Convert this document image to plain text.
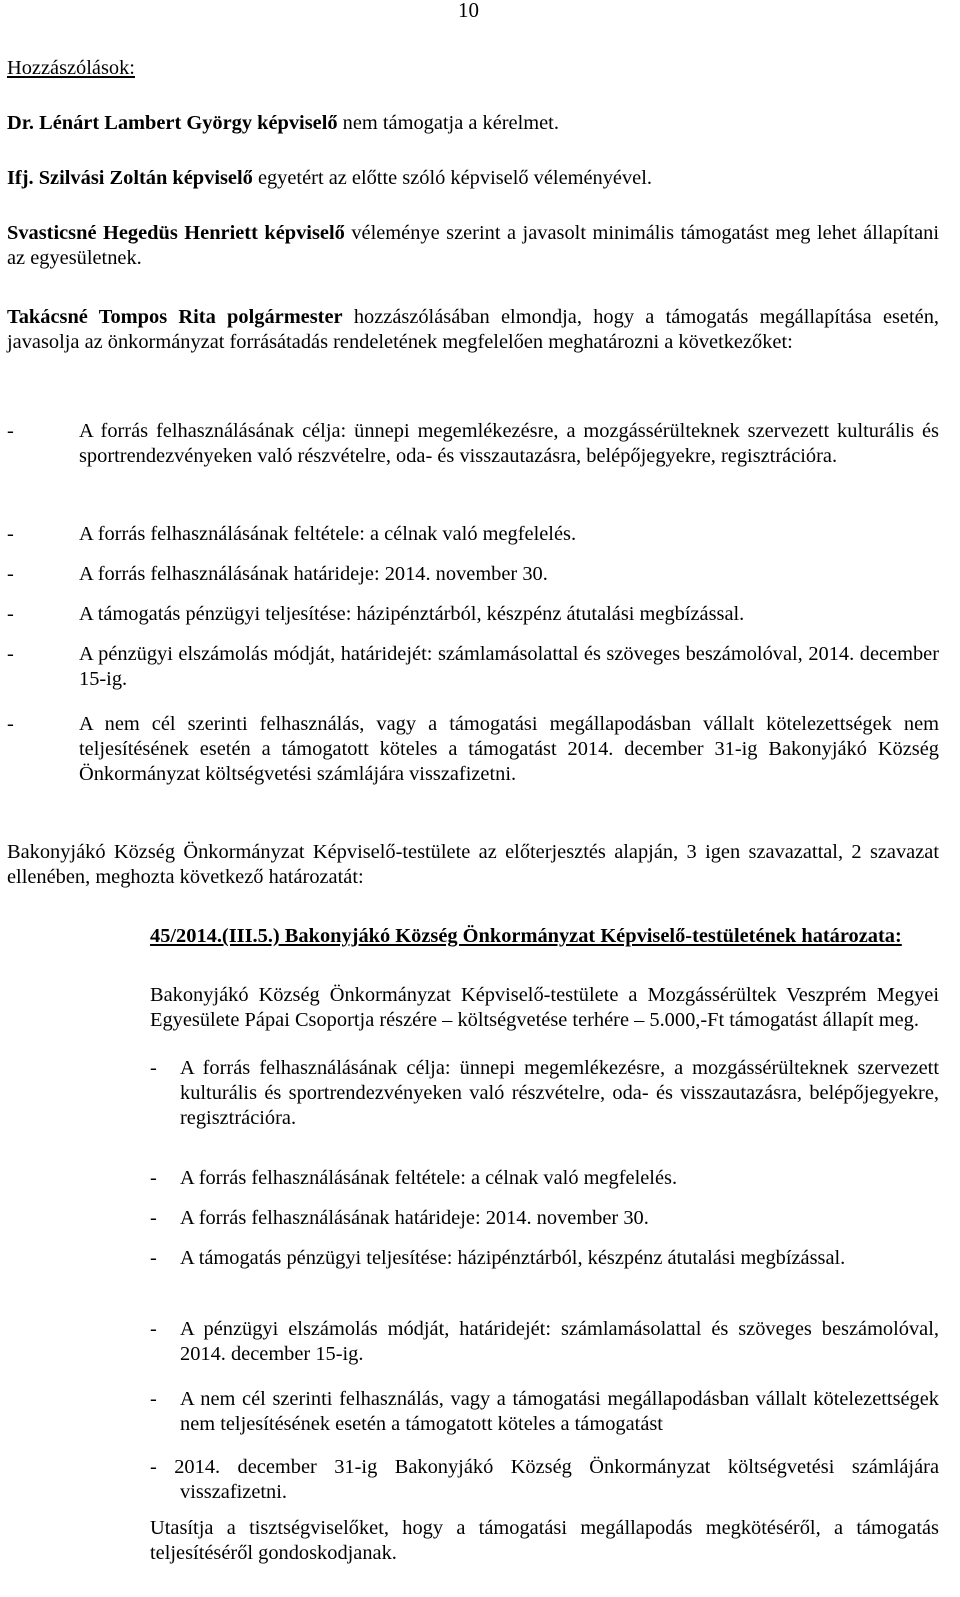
10

Hozzászólások:

Dr. Lénárt Lambert György képviselő nem támogatja a kérelmet.

Ifj. Szilvási Zoltán képviselő egyetért az előtte szóló képviselő véleményével.

Svasticsné Hegedüs Henriett képviselő véleménye szerint a javasolt minimális támogatást meg lehet állapítani az egyesületnek.

Takácsné Tompos Rita polgármester hozzászólásában elmondja, hogy a támogatás megállapítása esetén, javasolja az önkormányzat forrásátadás rendeletének megfelelően meghatározni a következőket:

-	A forrás felhasználásának célja: ünnepi megemlékezésre, a mozgássérülteknek szervezett kulturális és sportrendezvényeken való részvételre, oda- és visszautazásra, belépőjegyekre, regisztrációra.
-	A forrás felhasználásának feltétele: a célnak való megfelelés.
-	A forrás felhasználásának határideje: 2014. november 30.
-	A támogatás pénzügyi teljesítése: házipénztárból, készpénz átutalási megbízással.
-	A pénzügyi elszámolás módját, határidejét: számlamásolattal és szöveges beszámolóval, 2014. december 15-ig.
-	A nem cél szerinti felhasználás, vagy a támogatási megállapodásban vállalt kötelezettségek nem teljesítésének esetén a támogatott köteles a támogatást 2014. december 31-ig Bakonyjákó Község Önkormányzat költségvetési számlájára visszafizetni.

Bakonyjákó Község Önkormányzat Képviselő-testülete az előterjesztés alapján, 3 igen szavazattal, 2 szavazat ellenében, meghozta következő határozatát:

45/2014.(III.5.) Bakonyjákó Község Önkormányzat Képviselő-testületének határozata:

Bakonyjákó Község Önkormányzat Képviselő-testülete a Mozgássérültek Veszprém Megyei Egyesülete Pápai Csoportja részére – költségvetése terhére – 5.000,-Ft támogatást állapít meg.

- A forrás felhasználásának célja: ünnepi megemlékezésre, a mozgássérülteknek szervezett kulturális és sportrendezvényeken való részvételre, oda- és visszautazásra, belépőjegyekre, regisztrációra.
- A forrás felhasználásának feltétele: a célnak való megfelelés.
- A forrás felhasználásának határideje: 2014. november 30.
- A támogatás pénzügyi teljesítése: házipénztárból, készpénz átutalási megbízással.
- A pénzügyi elszámolás módját, határidejét: számlamásolattal és szöveges beszámolóval, 2014. december 15-ig.
- A nem cél szerinti felhasználás, vagy a támogatási megállapodásban vállalt kötelezettségek nem teljesítésének esetén a támogatott köteles a támogatást
- 2014. december 31-ig Bakonyjákó Község Önkormányzat költségvetési számlájára visszafizetni.

Utasítja a tisztségviselőket, hogy a támogatási megállapodás megkötéséről, a támogatás teljesítéséről gondoskodjanak.
